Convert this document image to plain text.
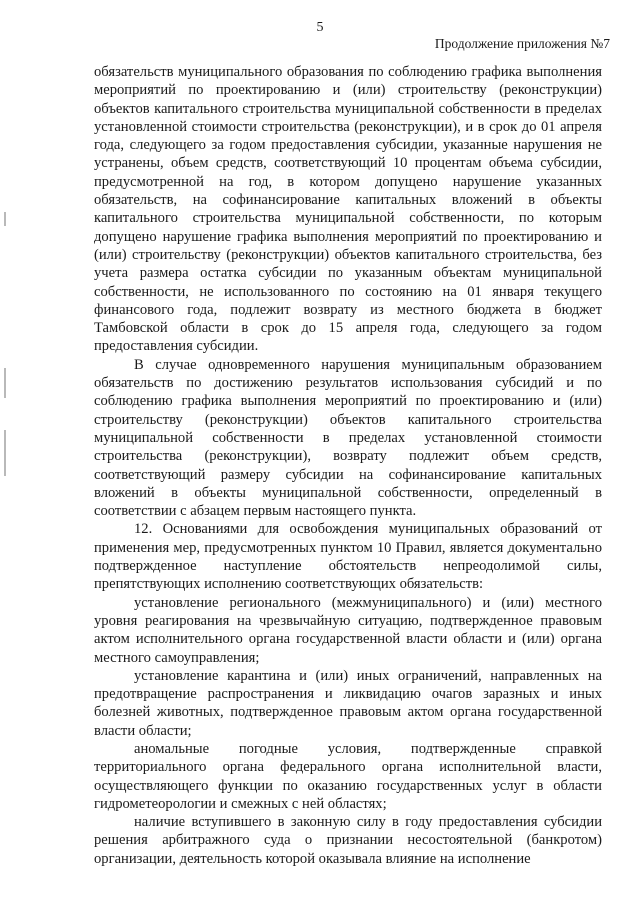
5
Продолжение приложения №7

обязательств муниципального образования по соблюдению графика выполнения мероприятий по проектированию и (или) строительству (реконструкции) объектов капитального строительства муниципальной собственности в пределах установленной стоимости строительства (реконструкции), и в срок до 01 апреля года, следующего за годом предоставления субсидии, указанные нарушения не устранены, объем средств, соответствующий 10 процентам объема субсидии, предусмотренной на год, в котором допущено нарушение указанных обязательств, на софинансирование капитальных вложений в объекты капитального строительства муниципальной собственности, по которым допущено нарушение графика выполнения мероприятий по проектированию и (или) строительству (реконструкции) объектов капитального строительства, без учета размера остатка субсидии по указанным объектам муниципальной собственности, не использованного по состоянию на 01 января текущего финансового года, подлежит возврату из местного бюджета в бюджет Тамбовской области в срок до 15 апреля года, следующего за годом предоставления субсидии.

В случае одновременного нарушения муниципальным образованием обязательств по достижению результатов использования субсидий и по соблюдению графика выполнения мероприятий по проектированию и (или) строительству (реконструкции) объектов капитального строительства муниципальной собственности в пределах установленной стоимости строительства (реконструкции), возврату подлежит объем средств, соответствующий размеру субсидии на софинансирование капитальных вложений в объекты муниципальной собственности, определенный в соответствии с абзацем первым настоящего пункта.

12. Основаниями для освобождения муниципальных образований от применения мер, предусмотренных пунктом 10 Правил, является документально подтвержденное наступление обстоятельств непреодолимой силы, препятствующих исполнению соответствующих обязательств:

установление регионального (межмуниципального) и (или) местного уровня реагирования на чрезвычайную ситуацию, подтвержденное правовым актом исполнительного органа государственной власти области и (или) органа местного самоуправления;

установление карантина и (или) иных ограничений, направленных на предотвращение распространения и ликвидацию очагов заразных и иных болезней животных, подтвержденное правовым актом органа государственной власти области;

аномальные погодные условия, подтвержденные справкой территориального органа федерального органа исполнительной власти, осуществляющего функции по оказанию государственных услуг в области гидрометеорологии и смежных с ней областях;

наличие вступившего в законную силу в году предоставления субсидии решения арбитражного суда о признании несостоятельной (банкротом) организации, деятельность которой оказывала влияние на исполнение
